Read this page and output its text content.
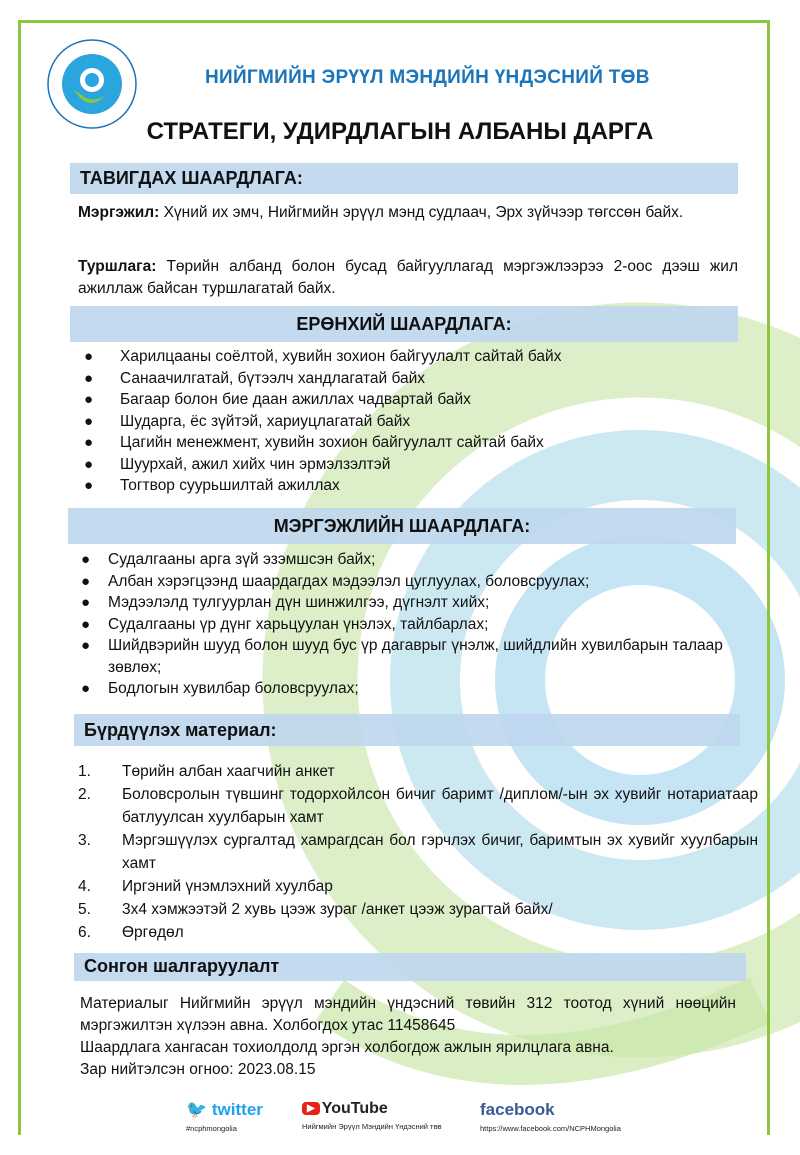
НИЙГМИЙН ЭРҮҮЛ МЭНДИЙН ҮНДЭСНИЙ ТӨВ
СТРАТЕГИ, УДИРДЛАГЫН АЛБАНЫ ДАРГА
ТАВИГДАХ ШААРДЛАГА:
Мэргэжил: Хүний их эмч, Нийгмийн эрүүл мэнд судлаач, Эрх зүйчээр төгссөн байх.
Туршлага: Төрийн албанд болон бусад байгууллагад мэргэжлээрээ 2-оос дээш жил ажиллаж байсан туршлагатай байх.
ЕРӨНХИЙ ШААРДЛАГА:
● Харилцааны соёлтой, хувийн зохион байгуулалт сайтай байх
● Санаачилгатай, бүтээлч хандлагатай байх
● Багаар болон бие даан ажиллах чадвартай байх
● Шударга, ёс зүйтэй, хариуцлагатай байх
● Цагийн менежмент, хувийн зохион байгуулалт сайтай байх
● Шуурхай, ажил хийх чин эрмэлзэлтэй
● Тогтвор суурьшилтай ажиллах
МЭРГЭЖЛИЙН ШААРДЛАГА:
● Судалгааны арга зүй эзэмшсэн байх;
● Албан хэрэгцээнд шаардагдах мэдээлэл цуглуулах, боловсруулах;
● Мэдээлэлд тулгуурлан дүн шинжилгээ, дүгнэлт хийх;
● Судалгааны үр дүнг харьцуулан үнэлэх, тайлбарлах;
● Шийдвэрийн шууд болон шууд бус үр дагаврыг үнэлж, шийдлийн хувилбарын талаар зөвлөх;
● Бодлогын хувилбар боловсруулах;
Бүрдүүлэх материал:
1. Төрийн албан хаагчийн анкет
2. Боловсролын түвшинг тодорхойлсон бичиг баримт /диплом/-ын эх хувийг нотариатаар батлуулсан хуулбарын хамт
3. Мэргэшүүлэх сургалтад хамрагдсан бол гэрчлэх бичиг, баримтын эх хувийг хуулбарын хамт
4. Иргэний үнэмлэхний хуулбар
5. 3х4 хэмжээтэй 2 хувь цээж зураг /анкет цээж зурагтай байх/
6. Өргөдөл
Сонгон шалгаруулалт
Материалыг Нийгмийн эрүүл мэндийн үндэсний төвийн 312 тоотод хүний нөөцийн мэргэжилтэн хүлээн авна. Холбогдох утас 11458645
Шаардлага хангасан тохиолдолд эргэн холбогдож ажлын ярилцлага авна.
Зар нийтэлсэн огноо: 2023.08.15
🐦 twitter
#ncphmongolia
▶ YouTube
Нийгмийн Эрүүл Мэндийн Үндэсний төв
facebook
https://www.facebook.com/NCPHMongolia
